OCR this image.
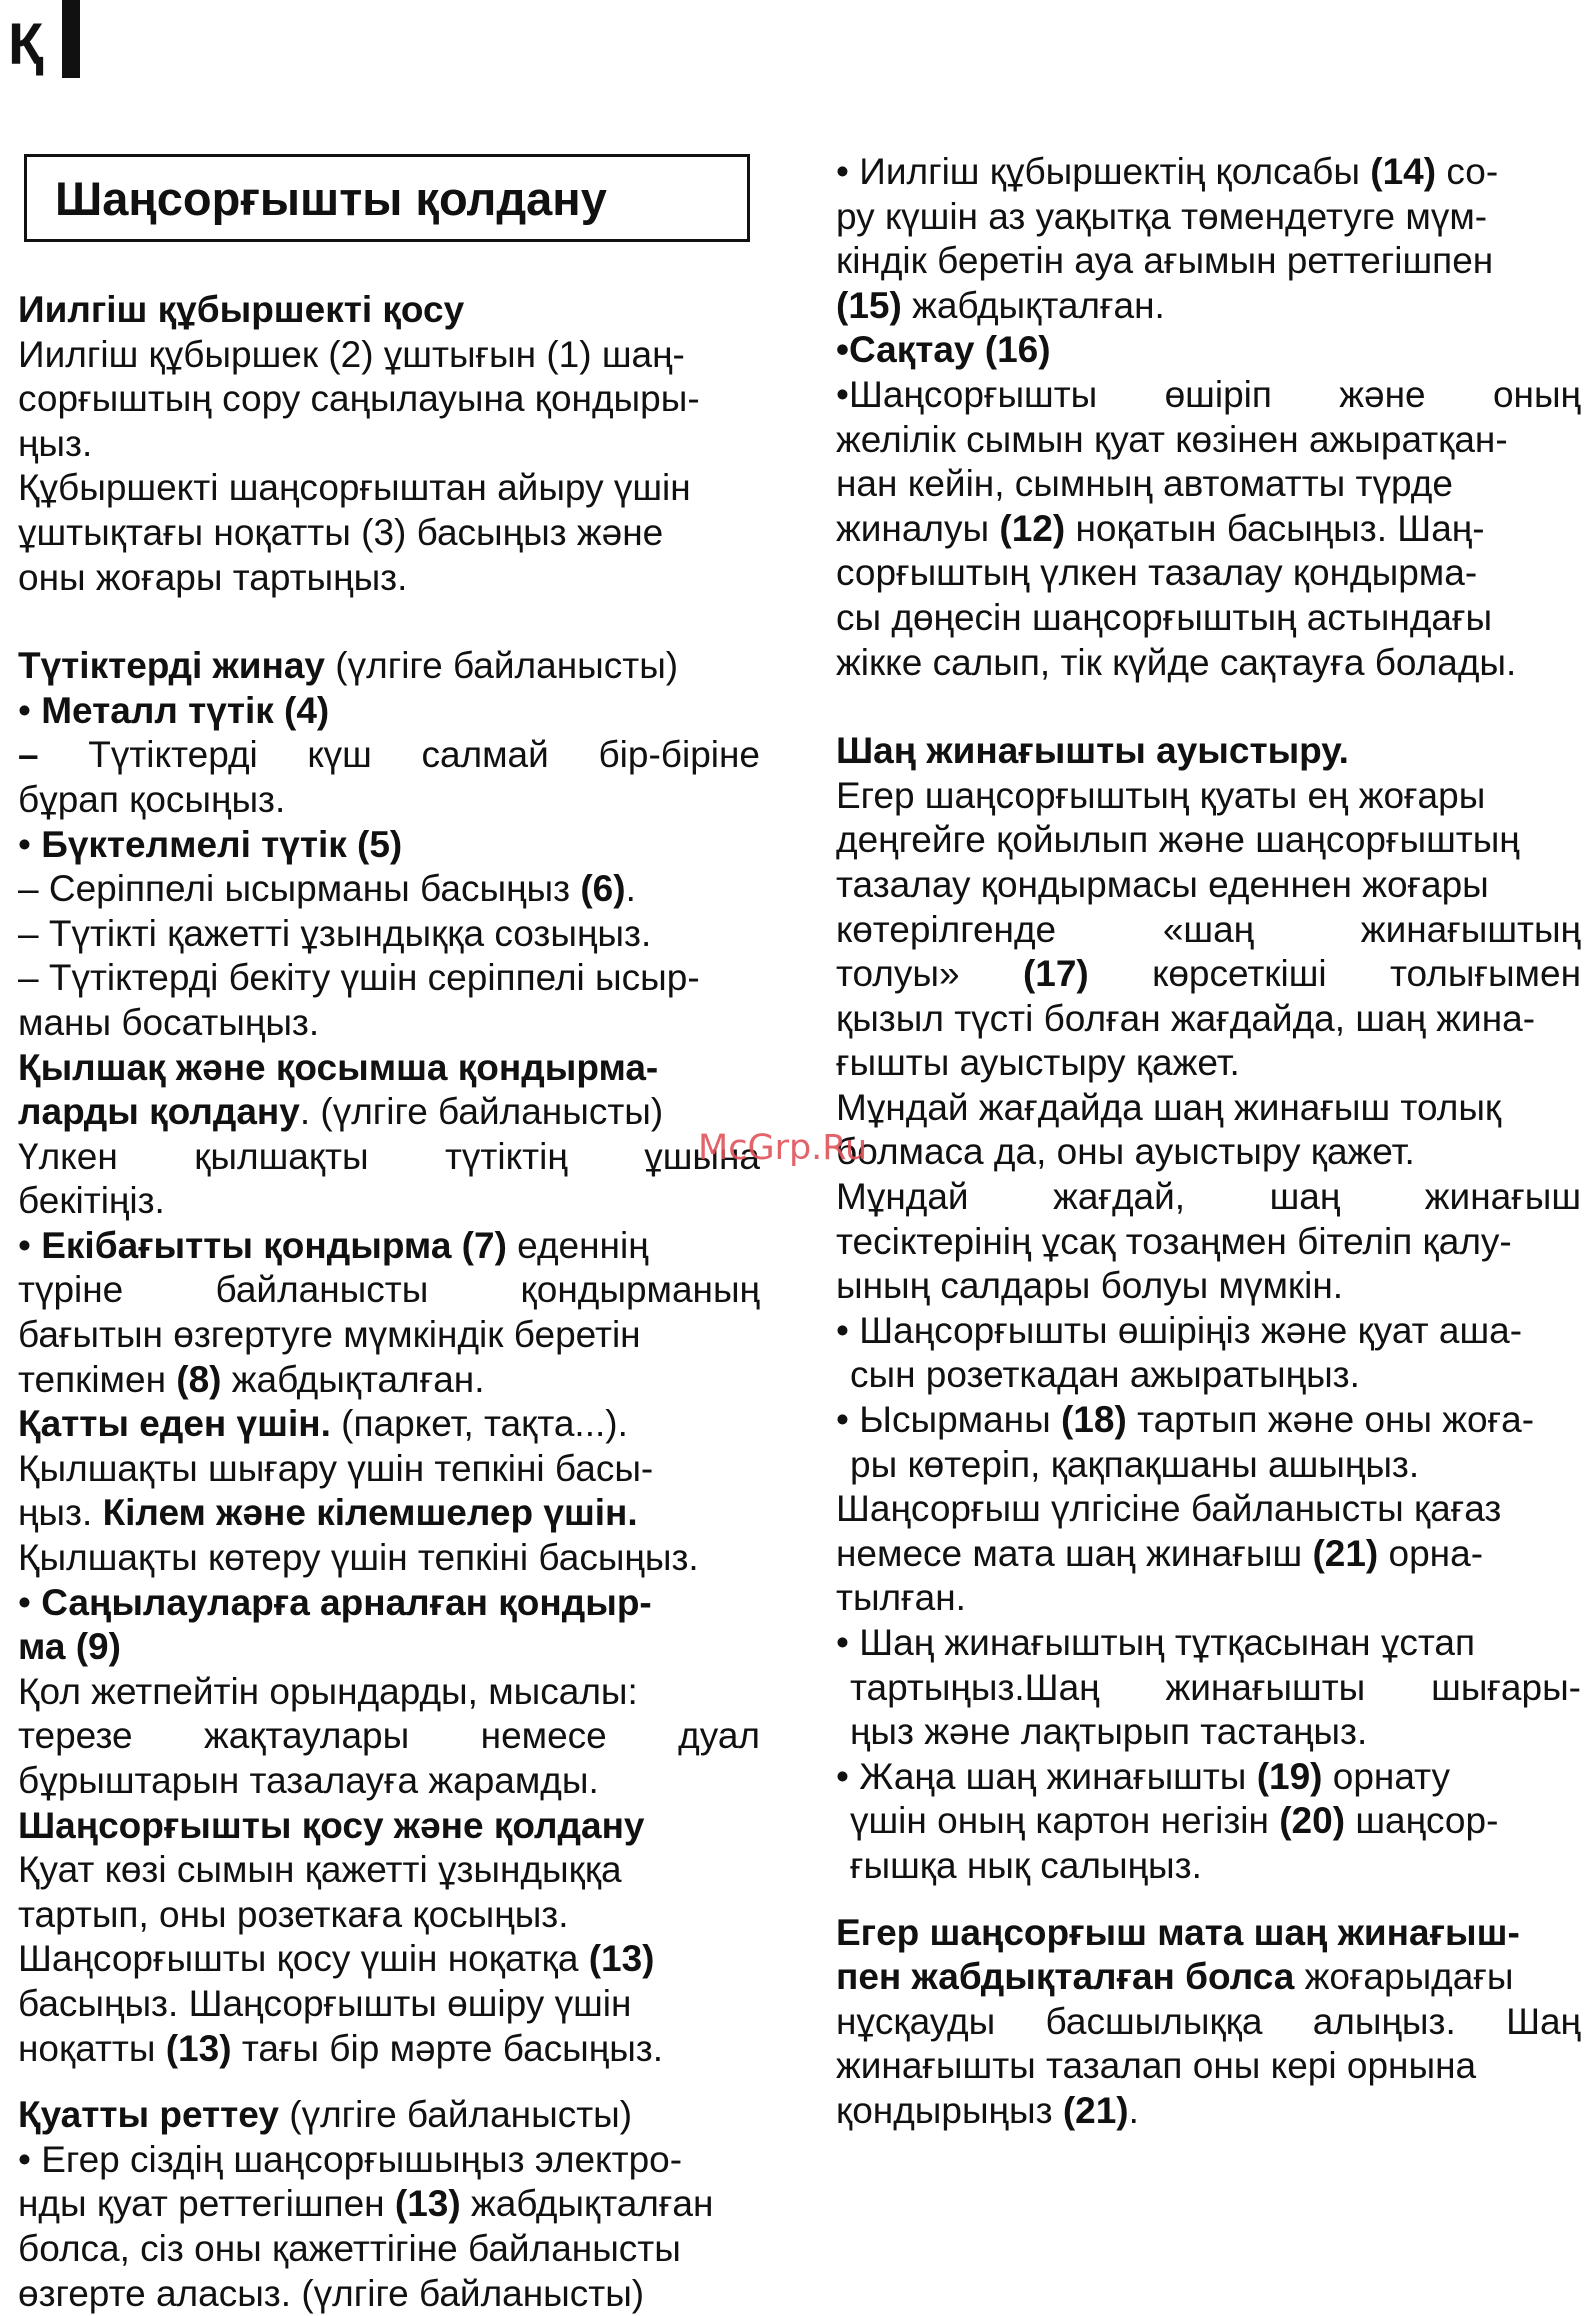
Қ
Шаңсорғышты қолдану

Иилгіш құбыршекті қосу

Иилгіш құбыршек (2) ұштығын (1) шаң-

сорғыштың сору саңылауына қондыры-

ңыз.

Құбыршекті шаңсорғыштан айыру үшін

ұштықтағы ноқатты (3) басыңыз және

оны жоғары тартыңыз.

Түтіктерді жинау (үлгіге байланысты)

• Металл түтік (4)

– Түтіктерді күш салмай бір-біріне

бұрап қосыңыз.

• Бүктелмелі түтік (5)

– Серіппелі ысырманы басыңыз (6).

– Түтікті қажетті ұзындыққа созыңыз.

– Түтіктерді бекіту үшін серіппелі ысыр-

маны босатыңыз.

Қылшақ және қосымша қондырма-

ларды қолдану. (үлгіге байланысты)

Үлкен қылшақты түтіктің ұшына

бекітіңіз.

• Екібағытты қондырма (7) еденнің

түріне байланысты қондырманың

бағытын өзгертуге мүмкіндік беретін

тепкімен (8) жабдықталған.

Қатты еден үшін. (паркет, тақта...).

Қылшақты шығару үшін тепкіні басы-

ңыз. Кілем және кілемшелер үшін.

Қылшақты көтеру үшін тепкіні басыңыз.

• Саңылауларға арналған қондыр-

ма (9)

Қол жетпейтін орындарды, мысалы:

терезе жақтаулары немесе дуал

бұрыштарын тазалауға жарамды.

Шаңсорғышты қосу және қолдану

Қуат көзі сымын қажетті ұзындыққа

тартып, оны розеткаға қосыңыз.

Шаңсорғышты қосу үшін ноқатқа (13)

басыңыз. Шаңсорғышты өшіру үшін

ноқатты (13) тағы бір мәрте басыңыз.

Қуатты реттеу (үлгіге байланысты)

• Егер сіздің шаңсорғышыңыз электро-

нды қуат реттегішпен (13) жабдықталған

болса, сіз оны қажеттігіне байланысты

өзгерте аласыз. (үлгіге байланысты)

• Иилгіш құбыршектің қолсабы (14) со-

ру күшін аз уақытқа төмендетуге мүм-

кіндік беретін ауа ағымын реттегішпен

(15) жабдықталған.

•Сақтау (16)

•Шаңсорғышты өшіріп және оның

желілік сымын қуат көзінен ажыратқан-

нан кейін, сымның автоматты түрде

жиналуы (12) ноқатын басыңыз. Шаң-

сорғыштың үлкен тазалау қондырма-

сы дөңесін шаңсорғыштың астындағы

жікке салып, тік күйде сақтауға болады.

Шаң жинағышты ауыстыру.

Егер шаңсорғыштың қуаты ең жоғары

деңгейге қойылып және шаңсорғыштың

тазалау қондырмасы еденнен жоғары

көтерілгенде «шаң жинағыштың

толуы» (17) көрсеткіші толығымен

қызыл түсті болған жағдайда, шаң жина-

ғышты ауыстыру қажет.

Мұндай жағдайда шаң жинағыш толық

болмаса да, оны ауыстыру қажет.

Мұндай жағдай, шаң жинағыш

тесіктерінің ұсақ тозаңмен бітеліп қалу-

ының салдары болуы мүмкін.

• Шаңсорғышты өшіріңіз және қуат аша-

сын розеткадан ажыратыңыз.

• Ысырманы (18) тартып және оны жоға-

ры көтеріп, қақпақшаны ашыңыз.

Шаңсорғыш үлгісіне байланысты қағаз

немесе мата шаң жинағыш (21) орна-

тылған.

• Шаң жинағыштың тұтқасынан ұстап

тартыңыз.Шаң жинағышты шығары-

ңыз және лақтырып тастаңыз.

• Жаңа шаң жинағышты (19) орнату

үшін оның картон негізін (20) шаңсор-

ғышқа нық салыңыз.

Егер шаңсорғыш мата шаң жинағыш-

пен жабдықталған болса жоғарыдағы

нұсқауды басшылыққа алыңыз. Шаң

жинағышты тазалап оны кері орнына

қондырыңыз (21).

McGrp.Ru
